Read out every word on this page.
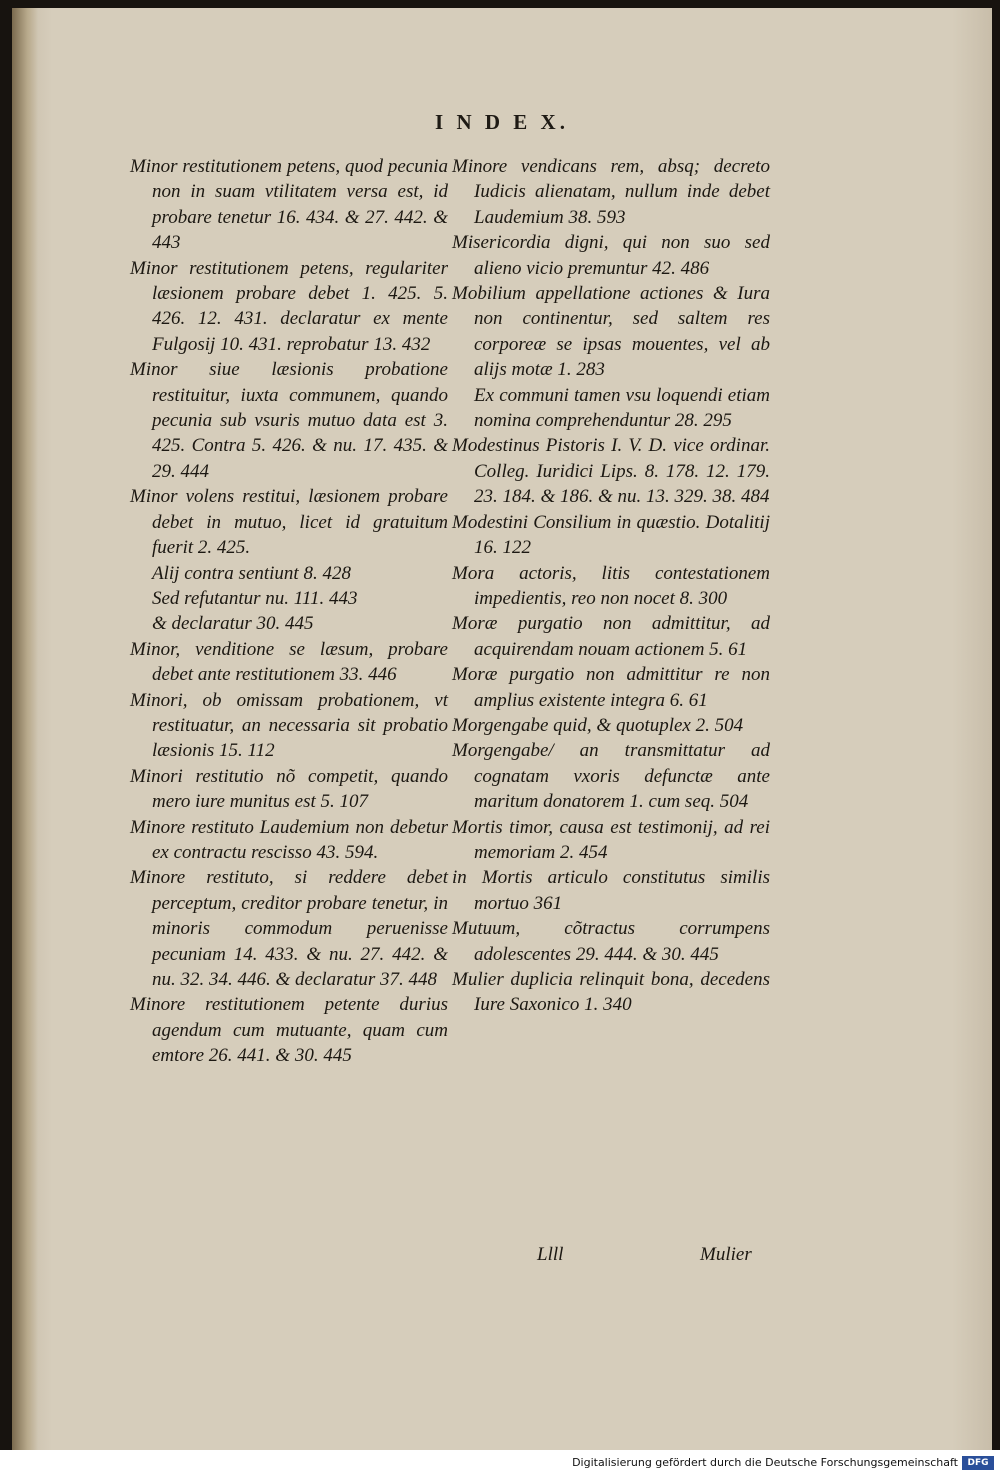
I N D E X.

Minor restitutionem petens, quod pecunia non in suam vtilitatem versa est, id probare tenetur 16. 434. & 27. 442. & 443

Minor restitutionem petens, regulariter læsionem probare debet 1. 425. 5. 426. 12. 431. declaratur ex mente Fulgosij 10. 431. reprobatur 13. 432

Minor siue læsionis probatione restituitur, iuxta communem, quando pecunia sub vsuris mutuo data est 3. 425. Contra 5. 426. & nu. 17. 435. & 29. 444

Minor volens restitui, læsionem probare debet in mutuo, licet id gratuitum fuerit 2. 425.

Alij contra sentiunt 8. 428

Sed refutantur nu. 111. 443

& declaratur 30. 445

Minor, venditione se læsum, probare debet ante restitutionem 33. 446

Minori, ob omissam probationem, vt restituatur, an necessaria sit probatio læsionis 15. 112

Minori restitutio nõ competit, quando mero iure munitus est 5. 107

Minore restituto Laudemium non debetur ex contractu rescisso 43. 594.

Minore restituto, si reddere debet perceptum, creditor probare tenetur, in minoris commodum peruenisse pecuniam 14. 433. & nu. 27. 442. & nu. 32. 34. 446. & declaratur 37. 448

Minore restitutionem petente durius agendum cum mutuante, quam cum emtore 26. 441. & 30. 445

Minore vendicans rem, absq; decreto Iudicis alienatam, nullum inde debet Laudemium 38. 593

Misericordia digni, qui non suo sed alieno vicio premuntur 42. 486

Mobilium appellatione actiones & Iura non continentur, sed saltem res corporeæ se ipsas mouentes, vel ab alijs motæ 1. 283

Ex communi tamen vsu loquendi etiam nomina comprehenduntur 28. 295

Modestinus Pistoris I. V. D. vice ordinar. Colleg. Iuridici Lips. 8. 178. 12. 179. 23. 184. & 186. & nu. 13. 329. 38. 484

Modestini Consilium in quæstio. Dotalitij 16. 122

Mora actoris, litis contestationem impedientis, reo non nocet 8. 300

Moræ purgatio non admittitur, ad acquirendam nouam actionem 5. 61

Moræ purgatio non admittitur re non amplius existente integra 6. 61

Morgengabe quid, & quotuplex 2. 504

Morgengabe/ an transmittatur ad cognatam vxoris defunctæ ante maritum donatorem 1. cum seq. 504

Mortis timor, causa est testimonij, ad rei memoriam 2. 454

in Mortis articulo constitutus similis mortuo 361

Mutuum, cõtractus corrumpens adolescentes 29. 444. & 30. 445

Mulier duplicia relinquit bona, decedens Iure Saxonico 1. 340

Llll	Mulier
Digitalisierung gefördert durch die Deutsche Forschungsgemeinschaft	DFG
